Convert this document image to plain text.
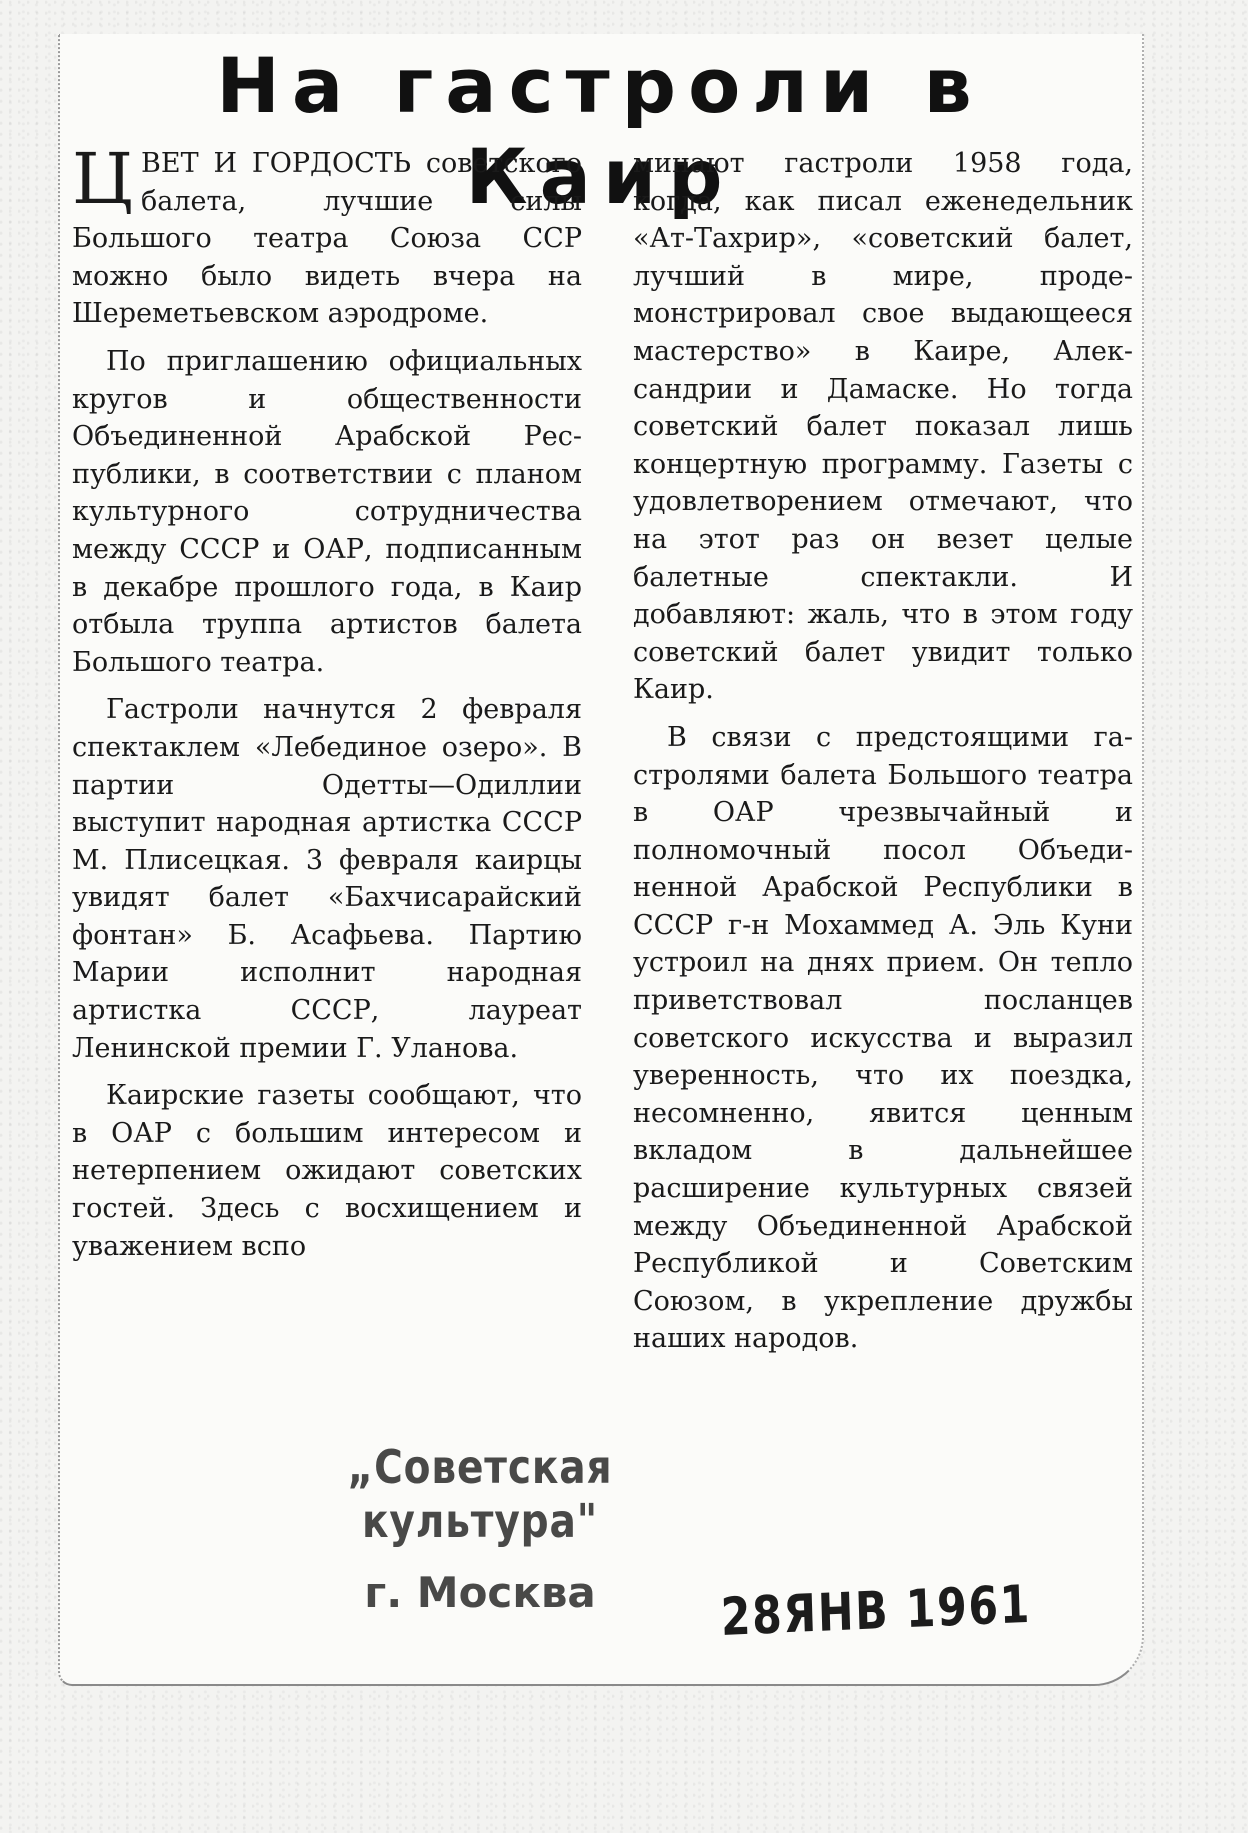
На гастроли в Каир

ЦВЕТ И ГОРДОСТЬ советского балета, лучшие силы Большого театра Союза ССР можно было видеть вчера на Шереметьевском аэродроме.

По приглашению официальных кругов и общественности Объединенной Арабской Республики, в соответствии с планом культурного сотрудничества между СССР и ОАР, подписанным в декабре прошлого года, в Каир отбыла труппа артистов балета Большого театра.

Гастроли начнутся 2 февраля спектаклем «Лебединое озеро». В партии Одетты—Одиллии выступит народная артистка СССР М. Плисецкая. 3 февраля каирцы увидят балет «Бахчисарайский фонтан» Б. Асафьева. Партию Марии исполнит народная артистка СССР, лауреат Ленинской премии Г. Уланова.

Каирские газеты сообщают, что в ОАР с большим интересом и нетерпением ожидают советских гостей. Здесь с восхищением и уважением вспо

минают гастроли 1958 года, когда, как писал еженедельник «Ат-Тахрир», «советский балет, лучший в мире, продемонстрировал свое выдающееся мастерство» в Каире, Александрии и Дамаске. Но тогда советский балет показал лишь концертную программу. Газеты с удовлетворением отмечают, что на этот раз он везет целые балетные спектакли. И добавляют: жаль, что в этом году советский балет увидит только Каир.

В связи с предстоящими гастролями балета Большого театра в ОАР чрезвычайный и полномочный посол Объединенной Арабской Республики в СССР г-н Мохаммед А. Эль Куни устроил на днях прием. Он тепло приветствовал посланцев советского искусства и выразил уверенность, что их поездка, несомненно, явится ценным вкладом в дальнейшее расширение культурных связей между Объединенной Арабской Республикой и Советским Союзом, в укрепление дружбы наших народов.

„Советская культура"
г. Москва	28ЯНВ 1961
